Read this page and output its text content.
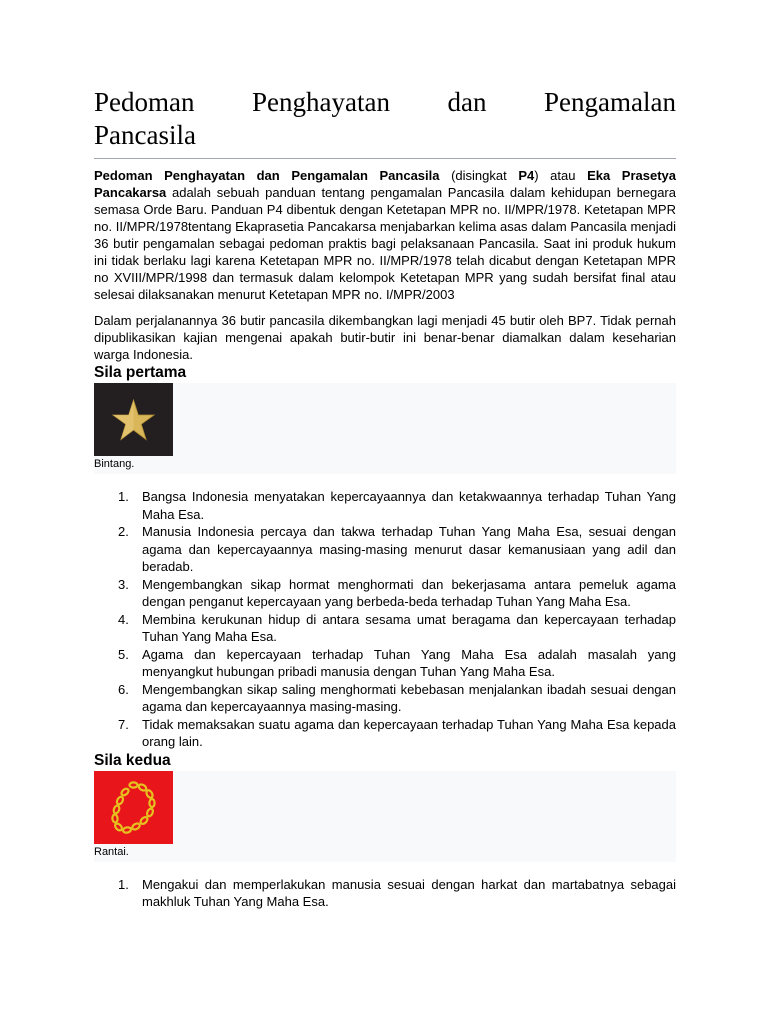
Pedoman Penghayatan dan Pengamalan
Pancasila

Pedoman Penghayatan dan Pengamalan Pancasila (disingkat P4) atau Eka Prasetya Pancakarsa adalah sebuah panduan tentang pengamalan Pancasila dalam kehidupan bernegara semasa Orde Baru. Panduan P4 dibentuk dengan Ketetapan MPR no. II/MPR/1978. Ketetapan MPR no. II/MPR/1978tentang Ekaprasetia Pancakarsa menjabarkan kelima asas dalam Pancasila menjadi 36 butir pengamalan sebagai pedoman praktis bagi pelaksanaan Pancasila. Saat ini produk hukum ini tidak berlaku lagi karena Ketetapan MPR no. II/MPR/1978 telah dicabut dengan Ketetapan MPR no XVIII/MPR/1998 dan termasuk dalam kelompok Ketetapan MPR yang sudah bersifat final atau selesai dilaksanakan menurut Ketetapan MPR no. I/MPR/2003

Dalam perjalanannya 36 butir pancasila dikembangkan lagi menjadi 45 butir oleh BP7. Tidak pernah dipublikasikan kajian mengenai apakah butir-butir ini benar-benar diamalkan dalam keseharian warga Indonesia.

Sila pertama
Bintang.
1. Bangsa Indonesia menyatakan kepercayaannya dan ketakwaannya terhadap Tuhan Yang Maha Esa.
2. Manusia Indonesia percaya dan takwa terhadap Tuhan Yang Maha Esa, sesuai dengan agama dan kepercayaannya masing-masing menurut dasar kemanusiaan yang adil dan beradab.
3. Mengembangkan sikap hormat menghormati dan bekerjasama antara pemeluk agama dengan penganut kepercayaan yang berbeda-beda terhadap Tuhan Yang Maha Esa.
4. Membina kerukunan hidup di antara sesama umat beragama dan kepercayaan terhadap Tuhan Yang Maha Esa.
5. Agama dan kepercayaan terhadap Tuhan Yang Maha Esa adalah masalah yang menyangkut hubungan pribadi manusia dengan Tuhan Yang Maha Esa.
6. Mengembangkan sikap saling menghormati kebebasan menjalankan ibadah sesuai dengan agama dan kepercayaannya masing-masing.
7. Tidak memaksakan suatu agama dan kepercayaan terhadap Tuhan Yang Maha Esa kepada orang lain.
Sila kedua
Rantai.
1. Mengakui dan memperlakukan manusia sesuai dengan harkat dan martabatnya sebagai makhluk Tuhan Yang Maha Esa.
